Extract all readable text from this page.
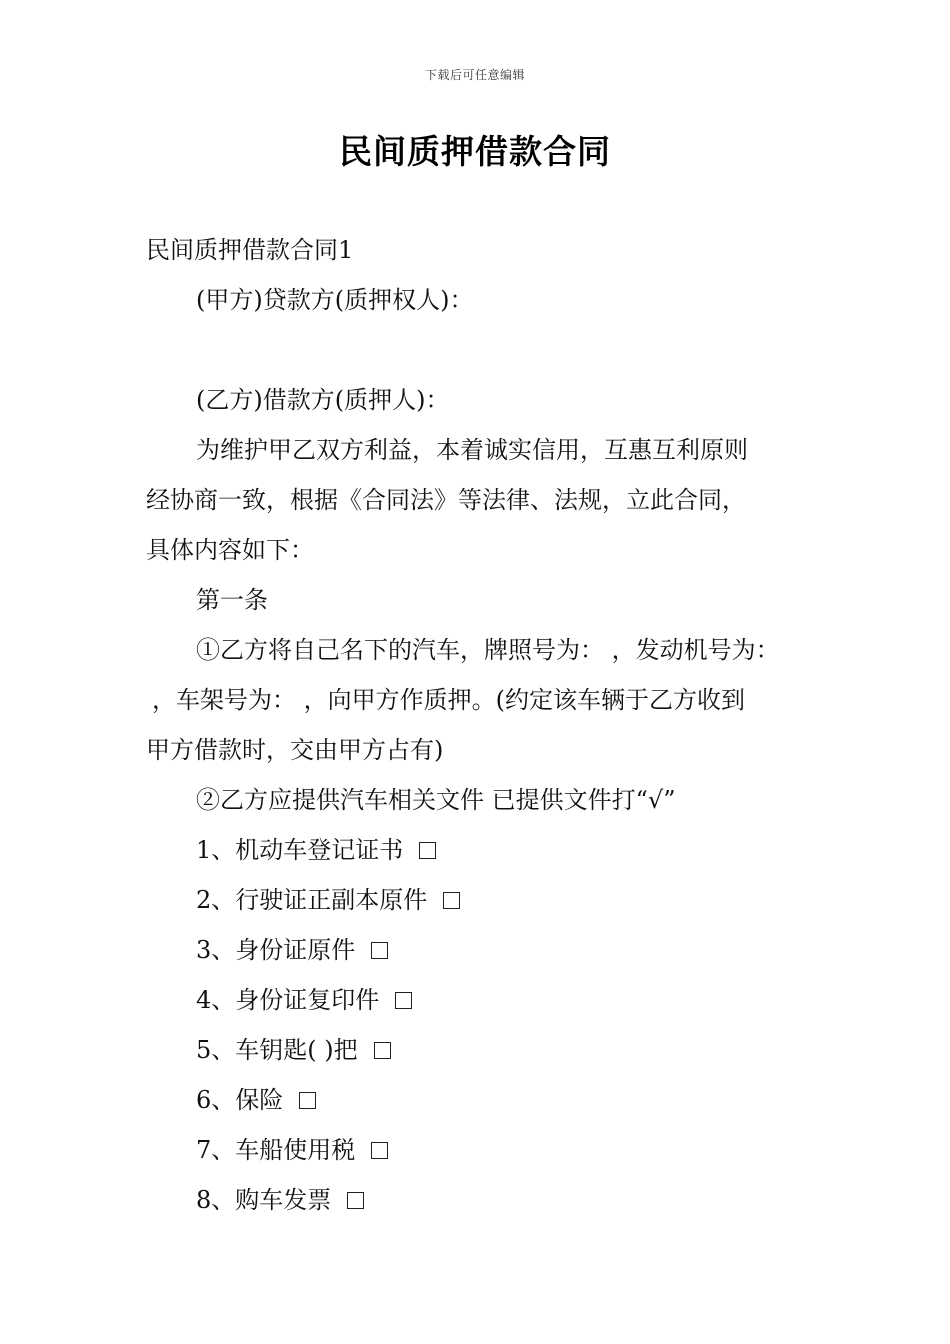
下载后可任意编辑
民间质押借款合同
民间质押借款合同1
(甲方)贷款方(质押权人)：
(乙方)借款方(质押人)：
为维护甲乙双方利益，本着诚实信用，互惠互利原则
经协商一致，根据《合同法》等法律、法规，立此合同，
具体内容如下：
第一条
①乙方将自己名下的汽车，牌照号为： ，发动机号为：
，车架号为： ，向甲方作质押。(约定该车辆于乙方收到
甲方借款时，交由甲方占有)
②乙方应提供汽车相关文件 已提供文件打“√”
1、机动车登记证书
2、行驶证正副本原件
3、身份证原件
4、身份证复印件
5、车钥匙( )把
6、保险
7、车船使用税
8、购车发票
